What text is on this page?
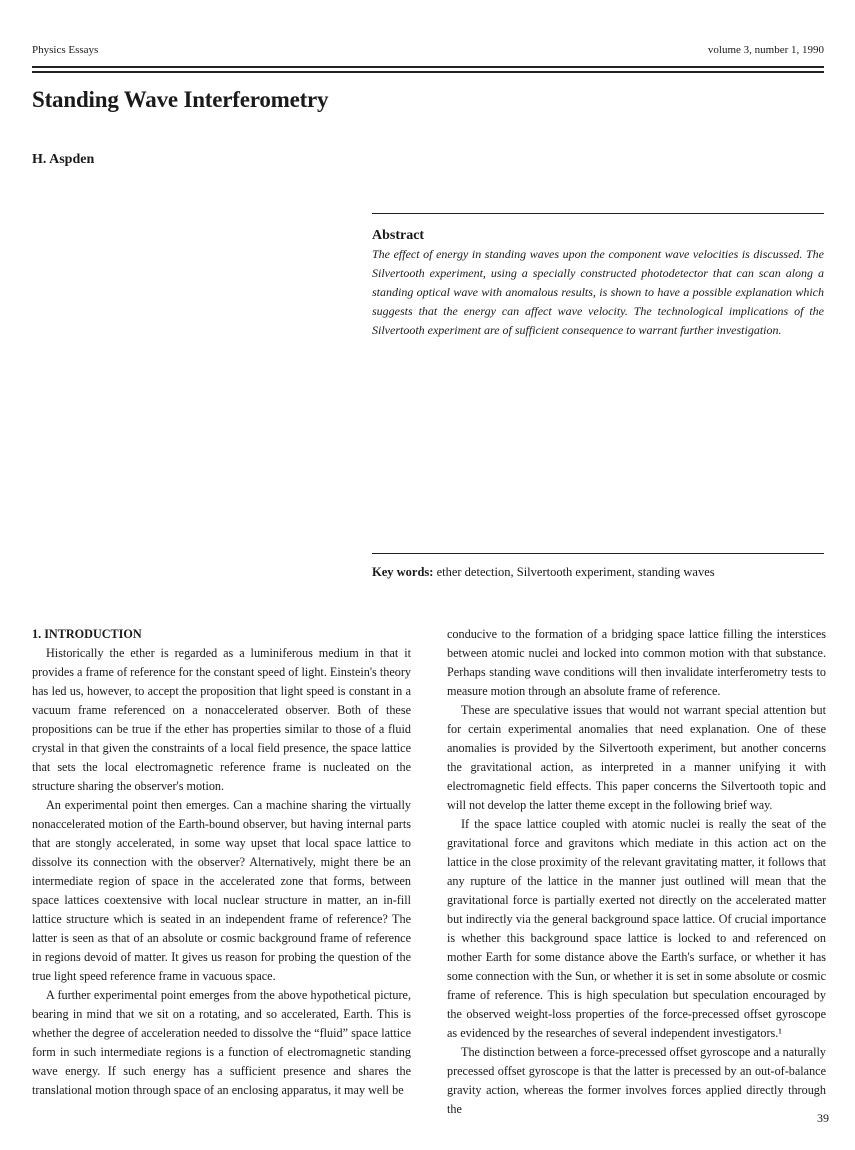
Physics Essays	volume 3, number 1, 1990
Standing Wave Interferometry
H. Aspden
Abstract
The effect of energy in standing waves upon the component wave velocities is discussed. The Silvertooth experiment, using a specially constructed photodetector that can scan along a standing optical wave with anomalous results, is shown to have a possible explanation which suggests that the energy can affect wave velocity. The technological implications of the Silvertooth experiment are of sufficient consequence to warrant further investigation.
Key words: ether detection, Silvertooth experiment, standing waves
1. INTRODUCTION

Historically the ether is regarded as a luminiferous medium in that it provides a frame of reference for the constant speed of light. Einstein's theory has led us, however, to accept the proposition that light speed is constant in a vacuum frame referenced on a nonaccelerated observer. Both of these propositions can be true if the ether has properties similar to those of a fluid crystal in that given the constraints of a local field presence, the space lattice that sets the local electromagnetic reference frame is nucleated on the structure sharing the observer's motion.

An experimental point then emerges. Can a machine sharing the virtually nonaccelerated motion of the Earth-bound observer, but having internal parts that are stongly accelerated, in some way upset that local space lattice to dissolve its connection with the observer? Alternatively, might there be an intermediate region of space in the accelerated zone that forms, between space lattices coextensive with local nuclear structure in matter, an in-fill lattice structure which is seated in an independent frame of reference? The latter is seen as that of an absolute or cosmic background frame of reference in regions devoid of matter. It gives us reason for probing the question of the true light speed reference frame in vacuous space.

A further experimental point emerges from the above hypothetical picture, bearing in mind that we sit on a rotating, and so accelerated, Earth. This is whether the degree of acceleration needed to dissolve the “fluid” space lattice form in such intermediate regions is a function of electromagnetic standing wave energy. If such energy has a sufficient presence and shares the translational motion through space of an enclosing apparatus, it may well be

conducive to the formation of a bridging space lattice filling the interstices between atomic nuclei and locked into common motion with that substance. Perhaps standing wave conditions will then invalidate interferometry tests to measure motion through an absolute frame of reference.

These are speculative issues that would not warrant special attention but for certain experimental anomalies that need explanation. One of these anomalies is provided by the Silvertooth experiment, but another concerns the gravitational action, as interpreted in a manner unifying it with electromagnetic field effects. This paper concerns the Silvertooth topic and will not develop the latter theme except in the following brief way.

If the space lattice coupled with atomic nuclei is really the seat of the gravitational force and gravitons which mediate in this action act on the lattice in the close proximity of the relevant gravitating matter, it follows that any rupture of the lattice in the manner just outlined will mean that the gravitational force is partially exerted not directly on the accelerated matter but indirectly via the general background space lattice. Of crucial importance is whether this background space lattice is locked to and referenced on mother Earth for some distance above the Earth's surface, or whether it has some connection with the Sun, or whether it is set in some absolute or cosmic frame of reference. This is high speculation but speculation encouraged by the observed weight-loss properties of the force-precessed offset gyroscope as evidenced by the researches of several independent investigators.¹

The distinction between a force-precessed offset gyroscope and a naturally precessed offset gyroscope is that the latter is precessed by an out-of-balance gravity action, whereas the former involves forces applied directly through the

39
